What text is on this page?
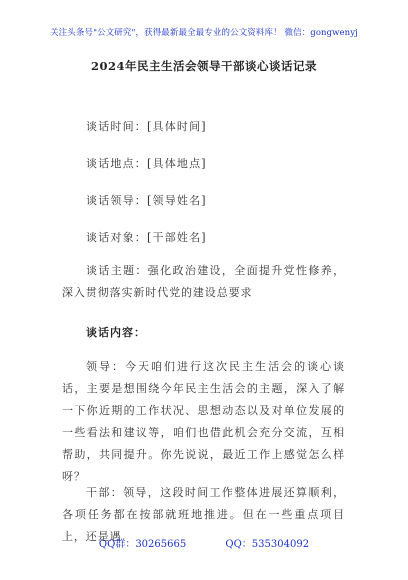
关注头条号"公文研究"，获得最新最全最专业的公文资料库！ 微信：gongwenyj
2024年民主生活会领导干部谈心谈话记录
谈话时间：[具体时间]
谈话地点：[具体地点]
谈话领导：[领导姓名]
谈话对象：[干部姓名]
谈话主题：强化政治建设，全面提升党性修养，深入贯彻落实新时代党的建设总要求
谈话内容：
领导：今天咱们进行这次民主生活会的谈心谈话，主要是想围绕今年民主生活会的主题，深入了解一下你近期的工作状况、思想动态以及对单位发展的一些看法和建议等，咱们也借此机会充分交流，互相帮助，共同提升。你先说说，最近工作上感觉怎么样呀？
干部：领导，这段时间工作整体进展还算顺利，各项任务都在按部就班地推进。但在一些重点项目上，还是遇
QQ群：30265665	QQ：535304092
